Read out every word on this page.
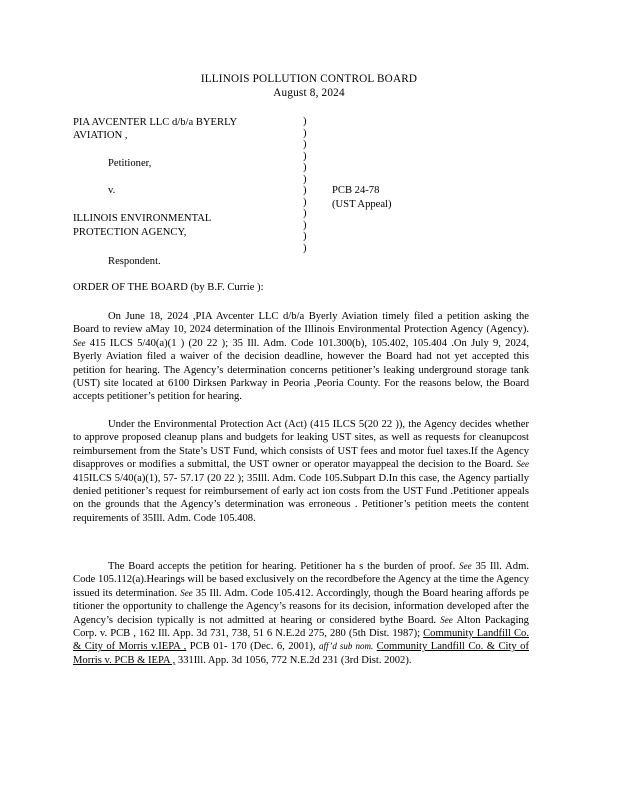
ILLINOIS POLLUTION CONTROL BOARD
August 8, 2024
PIA AVCENTER LLC d/b/a BYERLY
AVIATION ,
Petitioner,
v.
ILLINOIS ENVIRONMENTAL
PROTECTION AGENCY,
Respondent.
PCB 24-78
(UST Appeal)
)
)
)
)
)
)
)
)
)
)
)
)
ORDER OF THE BOARD (by B.F. Currie ):
On June 18, 2024 ,PIA Avcenter LLC d/b/a Byerly Aviation timely filed a petition asking the Board to review aMay 10, 2024 determination of the Illinois Environmental Protection Agency (Agency). See 415 ILCS 5/40(a)(1 ) (20 22 ); 35 Ill. Adm. Code 101.300(b), 105.402, 105.404 .On July 9, 2024, Byerly Aviation filed a waiver of the decision deadline, however the Board had not yet accepted this petition for hearing. The Agency’s determination concerns petitioner’s leaking underground storage tank (UST) site located at 6100 Dirksen Parkway in Peoria ,Peoria County. For the reasons below, the Board accepts petitioner’s petition for hearing.
Under the Environmental Protection Act (Act) (415 ILCS 5(20 22 )), the Agency decides whether to approve proposed cleanup plans and budgets for leaking UST sites, as well as requests for cleanupcost reimbursement from the State’s UST Fund, which consists of UST fees and motor fuel taxes.If the Agency disapproves or modifies a submittal, the UST owner or operator mayappeal the decision to the Board. See 415ILCS 5/40(a)(1), 57- 57.17 (20 22 ); 35Ill. Adm. Code 105.Subpart D.In this case, the Agency partially denied petitioner’s request for reimbursement of early act ion costs from the UST Fund .Petitioner appeals on the grounds that the Agency’s determination was erroneous . Petitioner’s petition meets the content requirements of 35Ill. Adm. Code 105.408.
The Board accepts the petition for hearing. Petitioner ha s the burden of proof. See 35 Ill. Adm. Code 105.112(a).Hearings will be based exclusively on the recordbefore the Agency at the time the Agency issued its determination. See 35 Ill. Adm. Code 105.412. Accordingly, though the Board hearing affords pe titioner the opportunity to challenge the Agency’s reasons for its decision, information developed after the Agency’s decision typically is not admitted at hearing or considered bythe Board. See Alton Packaging Corp. v. PCB , 162 Ill. App. 3d 731, 738, 51 6 N.E.2d 275, 280 (5th Dist. 1987); Community Landfill Co. & City of Morris v.IEPA , PCB 01- 170 (Dec. 6, 2001), aff’d sub nom. Community Landfill Co. & City of Morris v. PCB & IEPA , 331Ill. App. 3d 1056, 772 N.E.2d 231 (3rd Dist. 2002).
